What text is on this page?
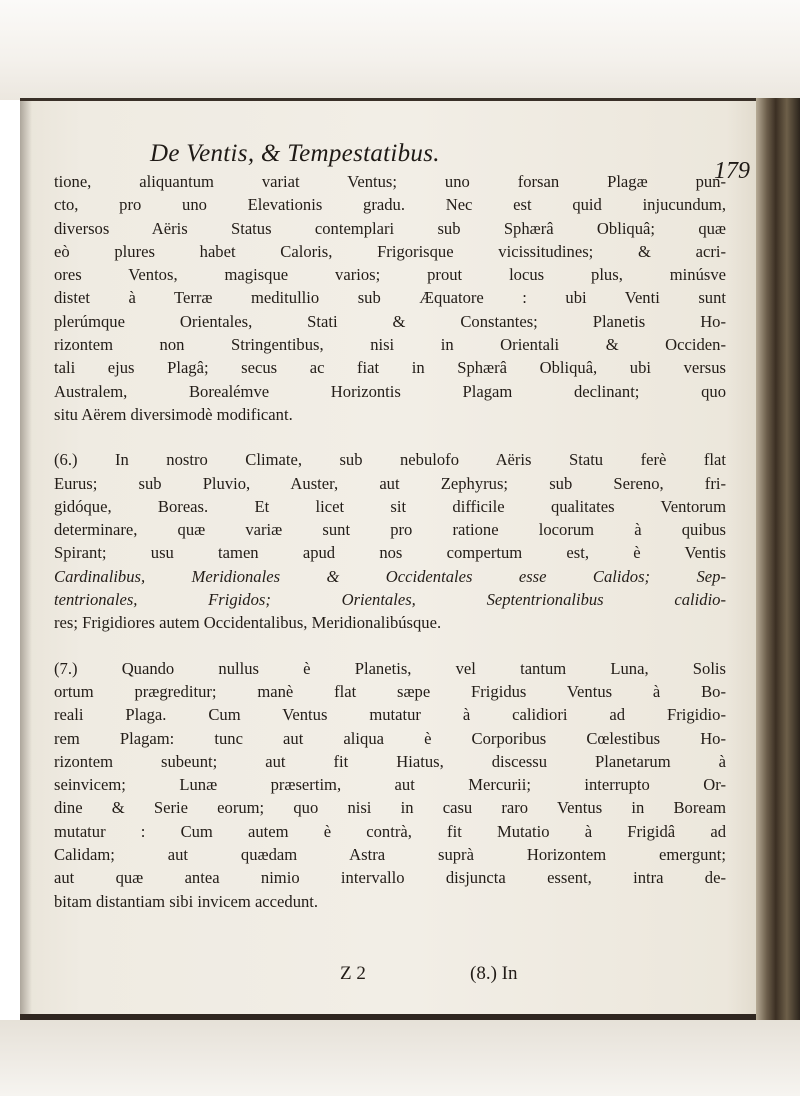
De Ventis, & Tempestatibus.
179

tione, aliquantum variat Ventus; uno forsan Plagæ pun-
cto, pro uno Elevationis gradu. Nec est quid injucundum,
diversos Aëris Status contemplari sub Sphærâ Obliquâ; quæ
eò plures habet Caloris, Frigorisque vicissitudines; & acri-
ores Ventos, magisque varios; prout locus plus, minúsve
distet à Terræ meditullio sub Æquatore : ubi Venti sunt
plerúmque Orientales, Stati & Constantes; Planetis Ho-
rizontem non Stringentibus, nisi in Orientali & Occiden-
tali ejus Plagâ; secus ac fiat in Sphærâ Obliquâ, ubi versus
Australem, Borealémve Horizontis Plagam declinant; quo
situ Aërem diversimodè modificant.

(6.) In nostro Climate, sub nebulofo Aëris Statu ferè flat
Eurus; sub Pluvio, Auster, aut Zephyrus; sub Sereno, fri-
gidóque, Boreas. Et licet sit difficile qualitates Ventorum
determinare, quæ variæ sunt pro ratione locorum à quibus
Spirant; usu tamen apud nos compertum est, è Ventis
Cardinalibus, Meridionales & Occidentales esse Calidos; Sep-
tentrionales, Frigidos; Orientales, Septentrionalibus calidio-
res; Frigidiores autem Occidentalibus, Meridionalibúsque.

(7.) Quando nullus è Planetis, vel tantum Luna, Solis
ortum prægreditur; manè flat sæpe Frigidus Ventus à Bo-
reali Plaga. Cum Ventus mutatur à calidiori ad Frigidio-
rem Plagam: tunc aut aliqua è Corporibus Cœlestibus Ho-
rizontem subeunt; aut fit Hiatus, discessu Planetarum à
seinvicem; Lunæ præsertim, aut Mercurii; interrupto Or-
dine & Serie eorum; quo nisi in casu raro Ventus in Boream
mutatur : Cum autem è contrà, fit Mutatio à Frigidâ ad
Calidam; aut quædam Astra suprà Horizontem emergunt;
aut quæ antea nimio intervallo disjuncta essent, intra de-
bitam distantiam sibi invicem accedunt.

Z 2	(8.) In
